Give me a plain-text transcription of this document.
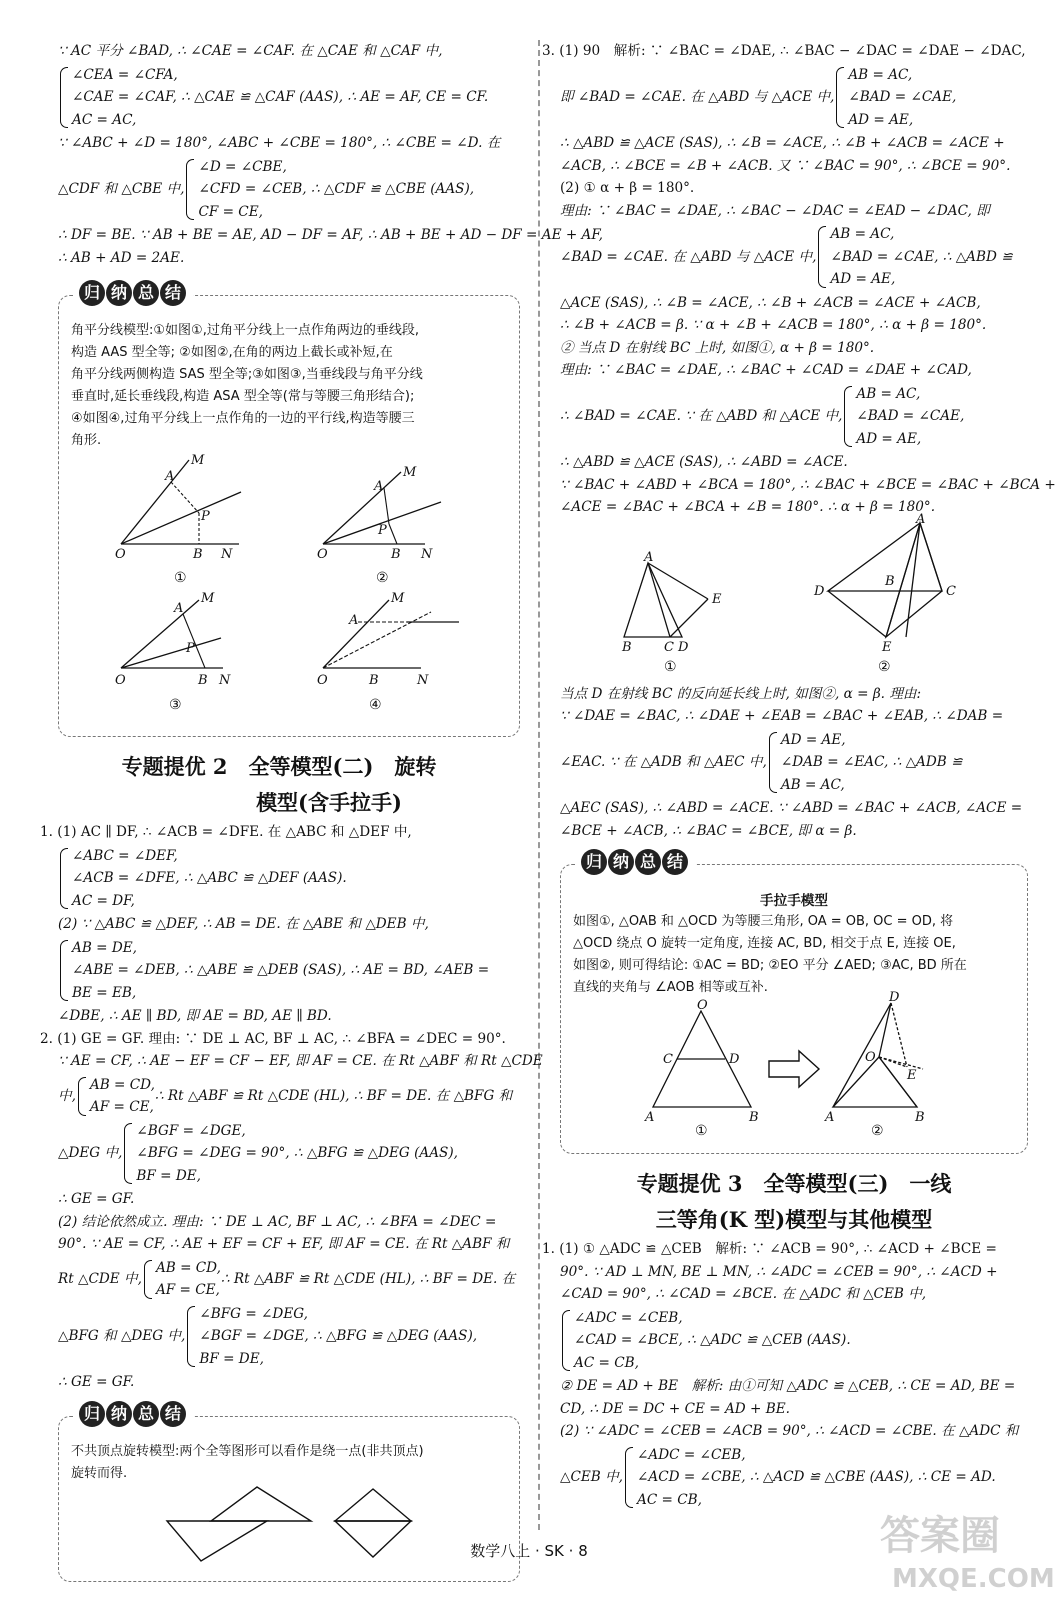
∵ AC 平分 ∠BAD, ∴ ∠CAE = ∠CAF. 在 △CAE 和 △CAF 中,
∠CEA = ∠CFA,
∠CAE = ∠CAF, ∴ △CAE ≌ △CAF (AAS), ∴ AE = AF, CE = CF.
AC = AC,
∵ ∠ABC + ∠D = 180°, ∠ABC + ∠CBE = 180°, ∴ ∠CBE = ∠D. 在
△CDF 和 △CBE 中,
∠D = ∠CBE,
∠CFD = ∠CEB, ∴ △CDF ≌ △CBE (AAS),
CF = CE,
∴ DF = BE. ∵ AB + BE = AE, AD − DF = AF, ∴ AB + BE + AD − DF = AE + AF,
∴ AB + AD = 2AE.
归 纳 总 结
角平分线模型:①如图①,过角平分线上一点作角两边的垂线段,
构造 AAS 型全等; ②如图②,在角的两边上截长或补短,在
角平分线两侧构造 SAS 型全等;③如图③,当垂线段与角平分线
垂直时,延长垂线段,构造 ASA 型全等(常与等腰三角形结合);
④如图④,过角平分线上一点作角的一边的平行线,构造等腰三
角形.
A
M
P
O	B N
①
A
M
P
O	B N
②
A
M
P
O	B N
③
A
M
O	B	N
④
专题提优 2　全等模型(二)　旋转
模型(含手拉手)
1. (1) AC ∥ DF, ∴ ∠ACB = ∠DFE. 在 △ABC 和 △DEF 中,
∠ABC = ∠DEF,
∠ACB = ∠DFE, ∴ △ABC ≌ △DEF (AAS).
AC = DF,
(2) ∵ △ABC ≌ △DEF, ∴ AB = DE. 在 △ABE 和 △DEB 中,
AB = DE,
∠ABE = ∠DEB, ∴ △ABE ≌ △DEB (SAS), ∴ AE = BD, ∠AEB =
BE = EB,
∠DBE, ∴ AE ∥ BD, 即 AE = BD, AE ∥ BD.
2. (1) GE = GF. 理由: ∵ DE ⊥ AC, BF ⊥ AC, ∴ ∠BFA = ∠DEC = 90°.
∵ AE = CF, ∴ AE − EF = CF − EF, 即 AF = CE. 在 Rt △ABF 和 Rt △CDE
中,
AB = CD,
AF = CE,
∴ Rt △ABF ≌ Rt △CDE (HL), ∴ BF = DE. 在 △BFG 和
△DEG 中,
∠BGF = ∠DGE,
∠BFG = ∠DEG = 90°, ∴ △BFG ≌ △DEG (AAS),
BF = DE,
∴ GE = GF.
(2) 结论依然成立. 理由: ∵ DE ⊥ AC, BF ⊥ AC, ∴ ∠BFA = ∠DEC =
90°. ∵ AE = CF, ∴ AE + EF = CF + EF, 即 AF = CE. 在 Rt △ABF 和
Rt △CDE 中,
AB = CD,
AF = CE,
∴ Rt △ABF ≌ Rt △CDE (HL), ∴ BF = DE. 在
△BFG 和 △DEG 中,
∠BFG = ∠DEG,
∠BGF = ∠DGE, ∴ △BFG ≌ △DEG (AAS),
BF = DE,
∴ GE = GF.
归 纳 总 结
不共顶点旋转模型:两个全等图形可以看作是绕一点(非共顶点)
旋转而得.
3. (1) 90　解析: ∵ ∠BAC = ∠DAE, ∴ ∠BAC − ∠DAC = ∠DAE − ∠DAC,
即 ∠BAD = ∠CAE. 在 △ABD 与 △ACE 中,
AB = AC,
∠BAD = ∠CAE,
AD = AE,
∴ △ABD ≌ △ACE (SAS), ∴ ∠B = ∠ACE, ∴ ∠B + ∠ACB = ∠ACE +
∠ACB, ∴ ∠BCE = ∠B + ∠ACB. 又 ∵ ∠BAC = 90°, ∴ ∠BCE = 90°.
(2) ① α + β = 180°.
理由: ∵ ∠BAC = ∠DAE, ∴ ∠BAC − ∠DAC = ∠EAD − ∠DAC, 即
∠BAD = ∠CAE. 在 △ABD 与 △ACE 中,
AB = AC,
∠BAD = ∠CAE, ∴ △ABD ≌
AD = AE,
△ACE (SAS), ∴ ∠B = ∠ACE, ∴ ∠B + ∠ACB = ∠ACE + ∠ACB,
∴ ∠B + ∠ACB = β. ∵ α + ∠B + ∠ACB = 180°, ∴ α + β = 180°.
② 当点 D 在射线 BC 上时, 如图①, α + β = 180°.
理由: ∵ ∠BAC = ∠DAE, ∴ ∠BAC + ∠CAD = ∠DAE + ∠CAD,
∴ ∠BAD = ∠CAE. ∵ 在 △ABD 和 △ACE 中,
AB = AC,
∠BAD = ∠CAE,
AD = AE,
∴ △ABD ≌ △ACE (SAS), ∴ ∠ABD = ∠ACE.
∵ ∠BAC + ∠ABD + ∠BCA = 180°, ∴ ∠BAC + ∠BCE = ∠BAC + ∠BCA +
∠ACE = ∠BAC + ∠BCA + ∠B = 180°. ∴ α + β = 180°.
A
B C D
E
①
A
D
B
C
E
②
当点 D 在射线 BC 的反向延长线上时, 如图②, α = β. 理由:
∵ ∠DAE = ∠BAC, ∴ ∠DAE + ∠EAB = ∠BAC + ∠EAB, ∴ ∠DAB =
∠EAC. ∵ 在 △ADB 和 △AEC 中,
AD = AE,
∠DAB = ∠EAC, ∴ △ADB ≌
AB = AC,
△AEC (SAS), ∴ ∠ABD = ∠ACE. ∵ ∠ABD = ∠BAC + ∠ACB, ∠ACE =
∠BCE + ∠ACB, ∴ ∠BAC = ∠BCE, 即 α = β.
归 纳 总 结
手拉手模型
如图①, △OAB 和 △OCD 为等腰三角形, OA = OB, OC = OD, 将
△OCD 绕点 O 旋转一定角度, 连接 AC, BD, 相交于点 E, 连接 OE,
如图②, 则可得结论: ①AC = BD; ②EO 平分 ∠AED; ③AC, BD 所在
直线的夹角与 ∠AOB 相等或互补.
O
C	D
A	B
①
D
O
E
A	B
②
专题提优 3　全等模型(三)　一线
三等角(K 型)模型与其他模型
1. (1) ① △ADC ≌ △CEB　解析: ∵ ∠ACB = 90°, ∴ ∠ACD + ∠BCE =
90°. ∵ AD ⊥ MN, BE ⊥ MN, ∴ ∠ADC = ∠CEB = 90°, ∴ ∠ACD +
∠CAD = 90°, ∴ ∠CAD = ∠BCE. 在 △ADC 和 △CEB 中,
∠ADC = ∠CEB,
∠CAD = ∠BCE, ∴ △ADC ≌ △CEB (AAS).
AC = CB,
② DE = AD + BE　解析: 由①可知 △ADC ≌ △CEB, ∴ CE = AD, BE =
CD, ∴ DE = DC + CE = AD + BE.
(2) ∵ ∠ADC = ∠CEB = ∠ACB = 90°, ∴ ∠ACD = ∠CBE. 在 △ADC 和
△CEB 中,
∠ADC = ∠CEB,
∠ACD = ∠CBE, ∴ △ACD ≌ △CBE (AAS), ∴ CE = AD.
AC = CB,
数学八上 · SK · 8	答案圈
MXQE.COM
